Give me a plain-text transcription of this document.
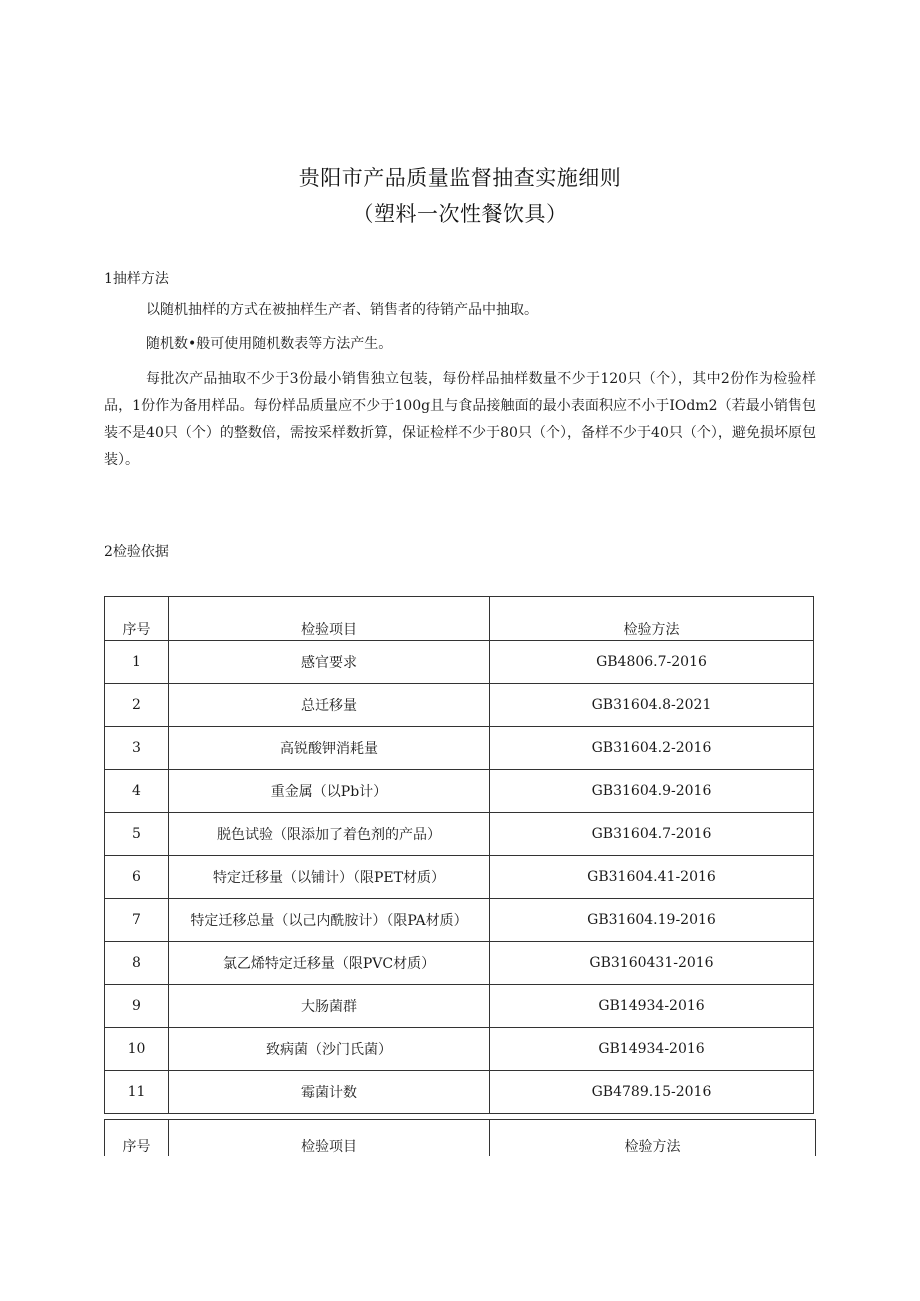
贵阳市产品质量监督抽查实施细则
（塑料一次性餐饮具）
1抽样方法
以随机抽样的方式在被抽样生产者、销售者的待销产品中抽取。
随机数•般可使用随机数表等方法产生。
每批次产品抽取不少于3份最小销售独立包装，每份样品抽样数量不少于120只（个），其中2份作为检验样品，1份作为备用样品。每份样品质量应不少于100g且与食品接触面的最小表面积应不小于IOdm2（若最小销售包装不是40只（个）的整数倍，需按采样数折算，保证检样不少于80只（个），备样不少于40只（个），避免损坏原包装）。
2检验依据
序号	检验项目	检验方法
1	感官要求	GB4806.7-2016
2	总迁移量	GB31604.8-2021
3	高锐酸钾消耗量	GB31604.2-2016
4	重金属（以Pb计）	GB31604.9-2016
5	脱色试验（限添加了着色剂的产品）	GB31604.7-2016
6	特定迁移量（以铺计）（限PET材质）	GB31604.41-2016
7	特定迁移总量（以己内酰胺计）（限PA材质）	GB31604.19-2016
8	氯乙烯特定迁移量（限PVC材质）	GB3160431-2016
9	大肠菌群	GB14934-2016
10	致病菌（沙门氏菌）	GB14934-2016
11	霉菌计数	GB4789.15-2016
序号	检验项目	检验方法
